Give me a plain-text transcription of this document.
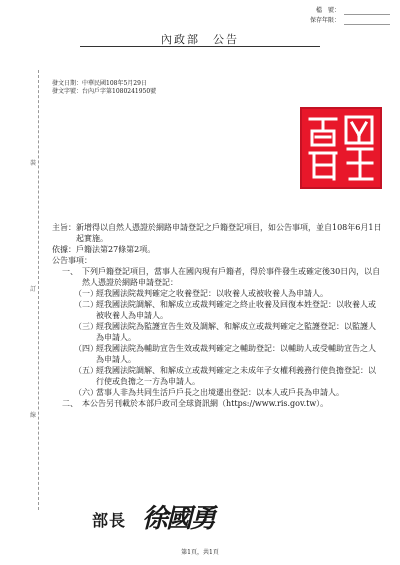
檔　號：
保存年限：
裝
訂
線
內政部　公告
發文日期：中華民國108年5月29日
發文字號：台內戶字第1080241950號
主旨： 新增得以自然人憑證於網路申請登記之戶籍登記項目，如公告事項，並自108年6月1日起實施。
依據： 戶籍法第27條第2項。
公告事項：
一、 下列戶籍登記項目，當事人在國內現有戶籍者，得於事件發生或確定後30日內，以自然人憑證於網路申請登記：
（一）
經我國法院裁判確定之收養登記：以收養人或被收養人為申請人。
（二）
經我國法院調解、和解成立或裁判確定之終止收養及回復本姓登記：以收養人或被收養人為申請人。
（三）
經我國法院為監護宣告生效及調解、和解成立或裁判確定之監護登記：以監護人為申請人。
（四）
經我國法院為輔助宣告生效或裁判確定之輔助登記：以輔助人或受輔助宣告之人為申請人。
（五）
經我國法院調解、和解成立或裁判確定之未成年子女權利義務行使負擔登記：以行使或負擔之一方為申請人。
（六）
當事人非為共同生活戶戶長之出境遷出登記：以本人或戶長為申請人。
二、 本公告另刊載於本部戶政司全球資訊網（https://www.ris.gov.tw）。
部長 徐國勇
第1頁，共1頁
